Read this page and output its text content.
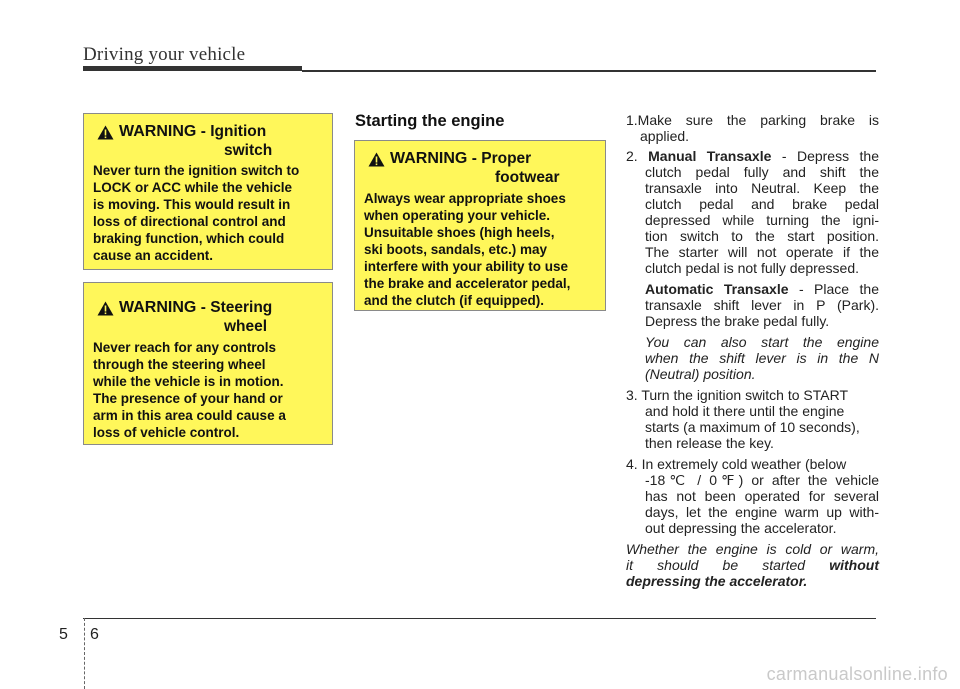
Driving your vehicle
WARNING - Ignition
switch
Never turn the ignition switch to
LOCK or ACC while the vehicle
is moving. This would result in
loss of directional control and
braking function, which could
cause an accident.
WARNING - Steering
wheel
Never reach for any controls
through the steering wheel
while the vehicle is in motion.
The presence of your hand or
arm in this area could cause a
loss of vehicle control.
WARNING - Proper
footwear
Always wear appropriate shoes
when operating your vehicle.
Unsuitable shoes (high heels,
ski boots, sandals, etc.) may
interfere with your ability to use
the brake and accelerator pedal,
and the clutch (if equipped).
Starting the engine	1.Make sure the parking brake is

applied.

2. Manual Transaxle - Depress the

clutch pedal fully and shift the

transaxle into Neutral. Keep the

clutch pedal and brake pedal

depressed while turning the igni-

tion switch to the start position.

The starter will not operate if the

clutch pedal is not fully depressed.

Automatic Transaxle - Place the

transaxle shift lever in P (Park).

Depress the brake pedal fully.

You can also start the engine

when the shift lever is in the N

(Neutral) position.

3. Turn the ignition switch to START

and hold it there until the engine

starts (a maximum of 10 seconds),

then release the key.

4. In extremely cold weather (below

-18℃ / 0℉) or after the vehicle

has not been operated for several

days, let the engine warm up with-

out depressing the accelerator.

Whether the engine is cold or warm,

it should be started without

depressing the accelerator.

5 6
carmanualsonline.info
